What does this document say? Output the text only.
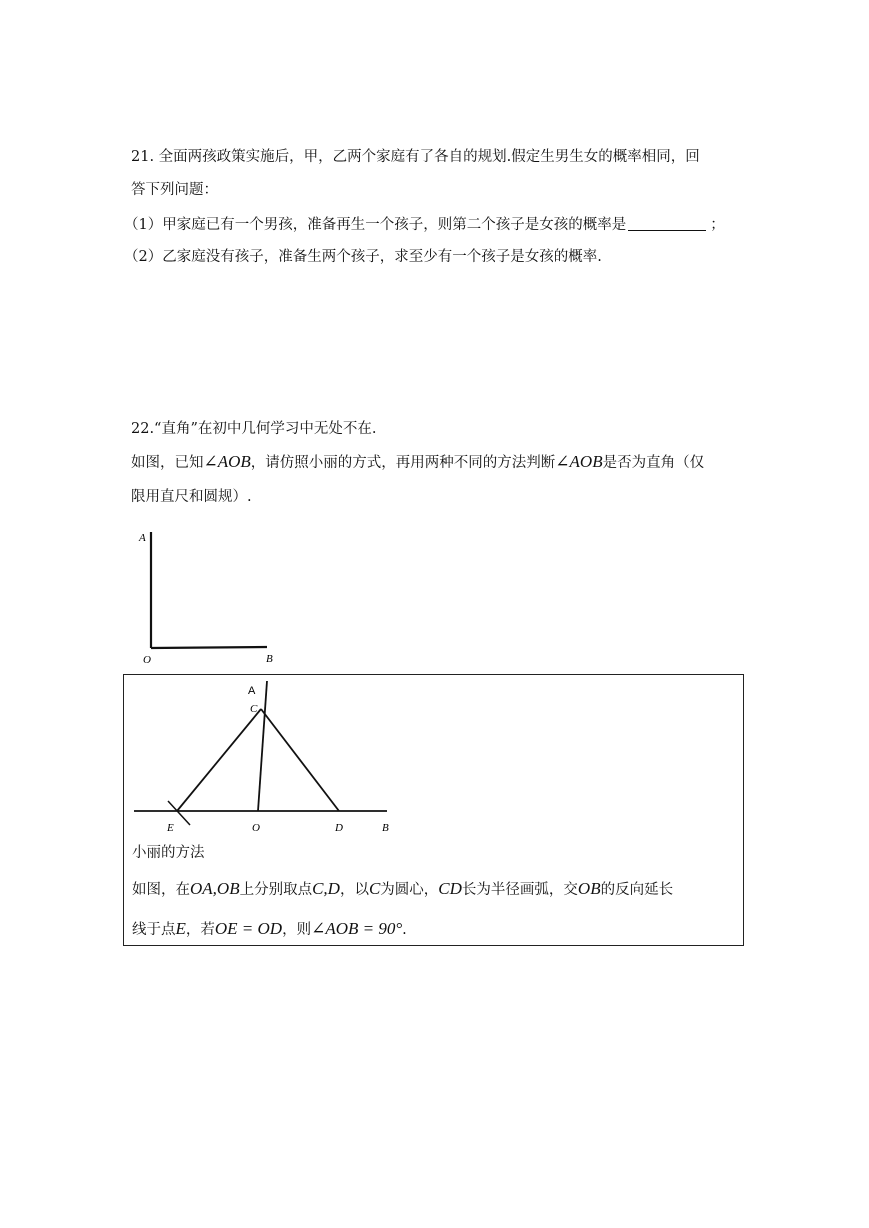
21. 全面两孩政策实施后，甲，乙两个家庭有了各自的规划.假定生男生女的概率相同，回
答下列问题：
（1）甲家庭已有一个男孩，准备再生一个孩子，则第二个孩子是女孩的概率是	；
（2）乙家庭没有孩子，准备生两个孩子，求至少有一个孩子是女孩的概率.
22.“直角”在初中几何学习中无处不在.
如图，已知∠AOB，请仿照小丽的方式，再用两种不同的方法判断∠AOB是否为直角（仅
限用直尺和圆规）.
A
O	B
A
C
E	O	D	B
小丽的方法
如图，在OA,OB上分别取点C,D，以C为圆心，CD长为半径画弧，交OB的反向延长
线于点E，若OE = OD，则∠AOB = 90°.
